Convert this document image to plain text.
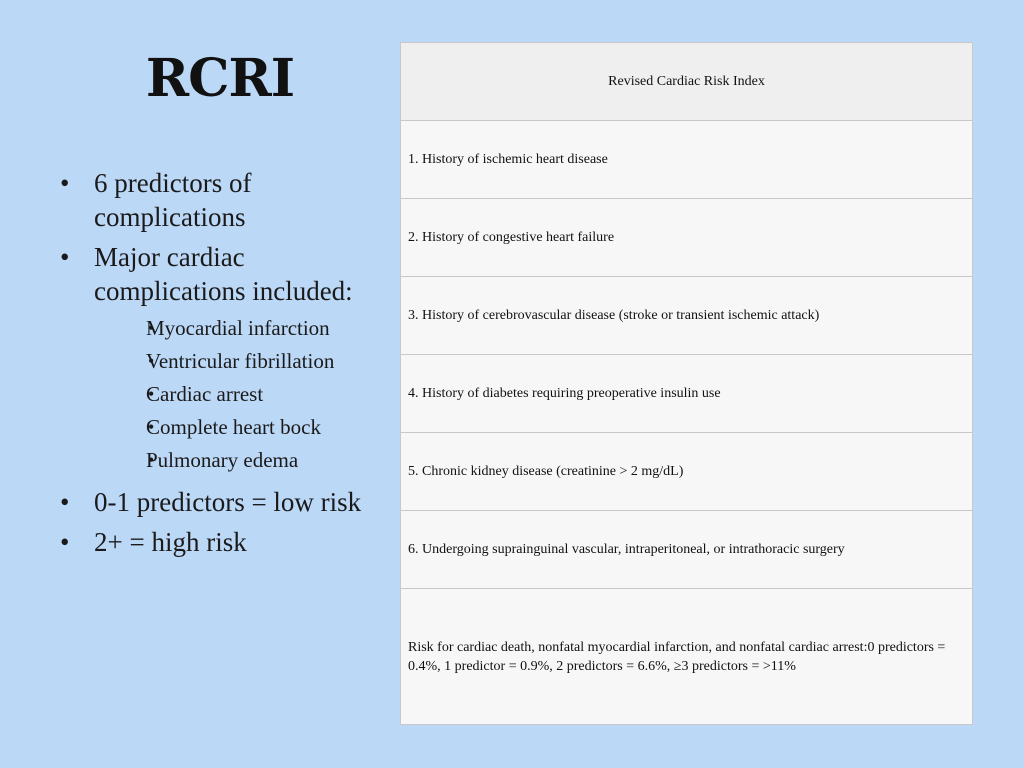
RCRI
• 6 predictors of complications
• Major cardiac complications included:
• Myocardial infarction
• Ventricular fibrillation
• Cardiac arrest
• Complete heart bock
• Pulmonary edema
• 0-1 predictors = low risk
• 2+ = high risk
Revised Cardiac Risk Index
1. History of ischemic heart disease
2. History of congestive heart failure
3. History of cerebrovascular disease (stroke or transient ischemic attack)
4. History of diabetes requiring preoperative insulin use
5. Chronic kidney disease (creatinine > 2 mg/dL)
6. Undergoing suprainguinal vascular, intraperitoneal, or intrathoracic surgery
Risk for cardiac death, nonfatal myocardial infarction, and nonfatal cardiac arrest:0 predictors = 0.4%, 1 predictor = 0.9%, 2 predictors = 6.6%, ≥3 predictors = >11%
